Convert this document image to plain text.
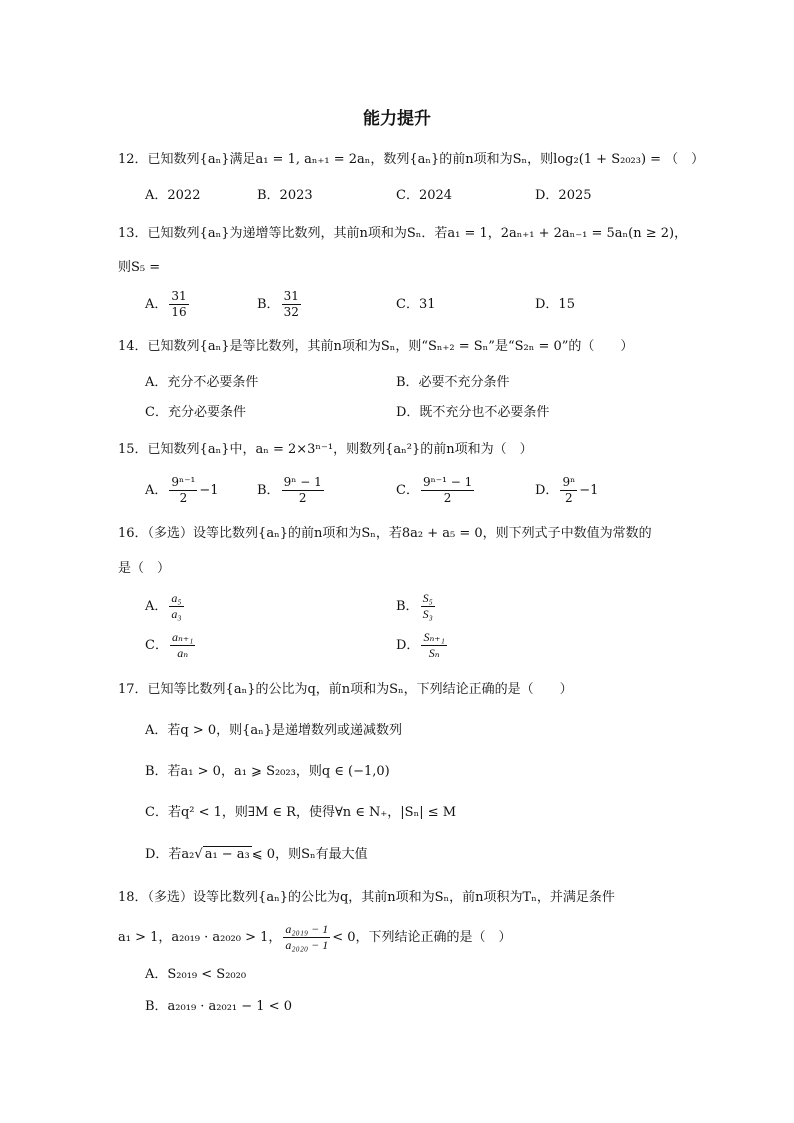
能力提升
12．已知数列{aₙ}满足a₁ = 1, aₙ₊₁ = 2aₙ，数列{aₙ}的前n项和为Sₙ，则log₂(1 + S₂₀₂₃) = （　）
A．2022	B．2023	C．2024	D．2025
13．已知数列{aₙ}为递增等比数列，其前n项和为Sₙ．若a₁ = 1，2aₙ₊₁ + 2aₙ₋₁ = 5aₙ(n ≥ 2)，
则S₅ =
A． $\frac{31}{16}$	B． $\frac{31}{32}$	C．31	D．15
14．已知数列{aₙ}是等比数列，其前n项和为Sₙ，则“Sₙ₊₂ = Sₙ”是“S₂ₙ = 0”的（　　）
A．充分不必要条件	B．必要不充分条件
C．充分必要条件	D．既不充分也不必要条件
15．已知数列{aₙ}中，aₙ = 2×3ⁿ⁻¹，则数列{aₙ²}的前n项和为（　）
A． $\frac{\text{9ⁿ⁻¹}}{2} -1$	B． $\frac{\text{9ⁿ − 1}}{2}$	C． $\frac{\text{9ⁿ⁻¹ − 1}}{2}$	D． $\frac{\text{9ⁿ}}{2} -1$
16．（多选）设等比数列{aₙ}的前n项和为Sₙ，若8a₂ + a₅ = 0，则下列式子中数值为常数的
是（　）
A． $\frac{\text{a₅}}{\text{a₃}}$	B． $\frac{\text{S₅}}{\text{S₃}}$
C． $\frac{\text{aₙ₊₁}}{\text{aₙ}}$	D． $\frac{\text{Sₙ₊₁}}{\text{Sₙ}}$
17．已知等比数列{aₙ}的公比为q，前n项和为Sₙ，下列结论正确的是（　　）
A．若q > 0，则{aₙ}是递增数列或递减数列
B．若a₁ > 0，a₁ ⩾ S₂₀₂₃，则q ∈ (−1,0)
C．若q² < 1，则∃M ∈ R，使得∀n ∈ N₊，|Sₙ| ≤ M
D．若a₂√ a₁ − a₃ ⩽ 0，则Sₙ有最大值
18．（多选）设等比数列{aₙ}的公比为q，其前n项和为Sₙ，前n项积为Tₙ，并满足条件
a₁ > 1，a₂₀₁₉ · a₂₀₂₀ > 1， $\frac{\text{a₂₀₁₉ − 1}}{\text{a₂₀₂₀ − 1}} < 0$，下列结论正确的是（　）
A．S₂₀₁₉ < S₂₀₂₀
B．a₂₀₁₉ · a₂₀₂₁ − 1 < 0
